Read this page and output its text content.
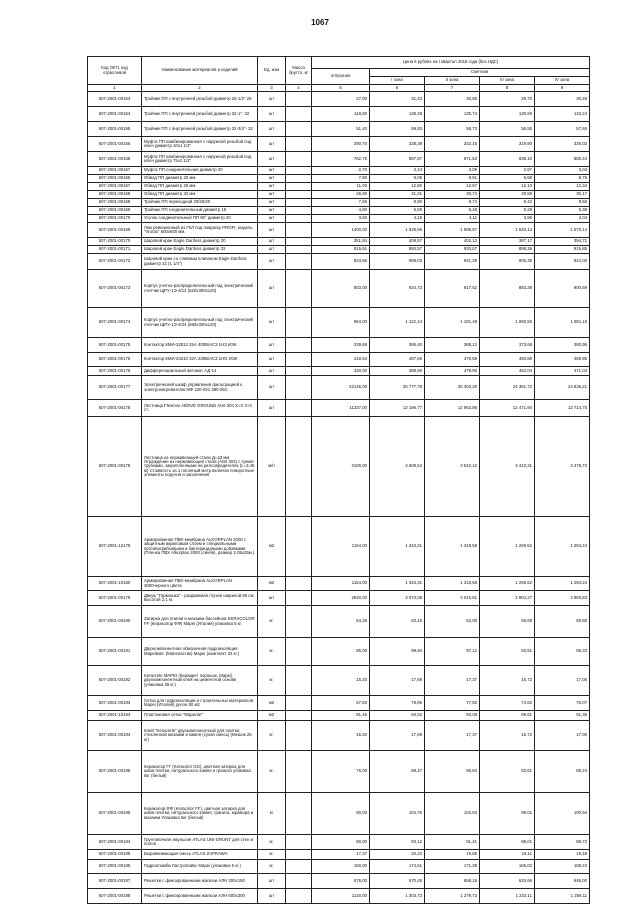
1067
Код ОКП, код отраслевой	Наименование материалов и изделий	Ед. изм	Масса брутто, кг	Цена в рублях на I квартал 2016 года (без НДС)				
				отпускная	Сметная			
					I зона	II зона	III зона	IV зона
1	2	3	4	5	6	7	8	9
507-2001-00163	Тройник ПП с внутренней резьбой диаметр 25-1/2" 25	шт		27,00	31,43	30,85	29,70	30,28
507-2001-00164	Тройник ПП с внутренней резьбой диаметр 32-1"- 32	шт		118,80	138,29	135,74	130,68	133,24
507-2001-00165	Тройник ПП с внутренней резьбой диаметр 32-3/4"- 32	шт		51,40	59,83	58,73	56,55	57,65
507-2001-00166	Муфта ПП комбинированная с наружной резьбой под ключ диаметр 10х1 1/2"	шт		290,70	338,39	332,16	319,80	326,03
507-2001-00168	Муфта ПП комбинированная с наружной резьбой под ключ диаметр 75х2 1/2"	шт		762,75	887,87	871,53	839,10	855,44
507-2001-00167	Муфта ПП соединительная диаметр 20	шт		2,70	3,14	3,09	2,97	3,03
507-2001-00166	Обвод ПП диаметр 20 мм	шт		7,80	9,08	8,91	8,58	8,75
507-2001-00167	Обвод ПП диаметр 25 мм	шт		11,00	12,80	12,57	12,10	12,34
507-2001-00168	Обвод ПП диаметр 32 мм	шт		26,90	31,31	30,74	29,59	30,17
507-2001-00168	Тройник ПП переходной 20/25/20	шт		7,65	8,90	8,74	8,42	8,58
507-2001-00169	Тройник ПП соединительный диаметр 15	шт		4,80	5,59	5,48	5,28	5,38
507-2001-00170	Уголок соединительный ПП 90° диаметр 20	шт		3,60	4,19	4,11	3,96	4,04
507-2001-00169	Люк ревизионный из ГКЛ под покраску PROFI, модель "Vrorax" 600х600 мм.	шт		1400,00	1 629,66	1 599,67	1 540,14	1 570,14
507-2001-00170	Шаровой кран Eagle Danfoss диаметр 20	шт		351,84	409,57	402,13	387,17	394,71
507-2001-00171	Шаровой кран Eagle Danfoss диаметр 32	шт		816,61	950,57	933,07	898,36	915,85
507-2001-00172	Шаровой кран со сливным клапаном Eagle Danfoss диаметр 32 (1 1/4")	шт		823,86	959,03	941,39	906,35	924,00
507-2001-00173	Корпус учетно-распределительный под электрический счетчик ЩРУ-1Э-3/14 (520х300х120)	шт		803,00	934,73	917,52	883,38	900,59
507-2001-00174	Корпус учетно-распределительный под электрический счетчик ЩРУ-1Э-3/24 (680х300х120)	шт		964,00	1 122,14	1 101,48	1 060,50	1 081,15
507-2001-00175	Контактор КМИ-22512 25А 400В/АС3 1НЗ ИЭК	шт		339,68	395,40	388,12	373,68	380,96
507-2001-00175	Контактор КМИ-23210 32А 230В/АС3 1НО ИЭК	шт		418,94	487,66	478,69	460,88	469,85
507-2001-00176	Дифференциальный автомат АД-14	шт		420,00	488,90	479,90	462,04	471,04
507-2001-00177	Электрический шкаф управления фильтрацией к электронагревателю МФ 220-021 380-05С	шт		22145,00	25 777,78	25 303,26	24 361,72	24 836,21
507-2001-00178	Лестница Flexinox ABOVE GROUND AISI-304 Х=Х 3+3 ст.	шт		11337,00	13 196,77	12 953,86	12 471,84	12 714,75
507-2001-00178	Лестница из нержавеющей стали Д=43 мм Ограждение из нержавеющей стали (AISI 304) с тремя трубками, закрепленными на рилсовредителях (L=3,45 м) Стоимость за 1 погонный метр включая поворотные элементы поручня и заполнения	м/п		3100,00	3 608,54	3 542,12	3 410,31	3 476,73
507-2001-12179	Армированная ПВХ-мембрана ALKORPLAN 2000 с защитным акриловым слоем и специальными противогрибковыми и бактерицидными добавками (Пленка ПВХ Alkorplan 2000 (синяя), размер 2.05х25м.)	м2		1154,00	1 343,31	1 318,58	1 269,52	1 294,24
507-2001-10180	Армированная ПВХ-мембрана ALKORPLAN 3000черного цвета	м2		1154,00	1 343,31	1 318,58	1 269,52	1 294,24
507-2001-00179	Дверь "Гармошка" - раздвижная глухая шириной 80 см, высотой 2,1 м.	шт		2640,00	3 073,08	3 016,51	2 904,27	2 960,83
507-2001-00180	Затирка для плитки и мозаики бассейнов KERACOLOR FF (Кераколор ФФ) Mapei (Италия) упаковка 5 кг.	кг.		54,26	63,16	62,00	59,69	60,85
507-2001-00181	Двухкомпонентная обмазочная гидроизоляция Mapelastic (Мапеластик) Mapei (комплект 32 кг.)	кг.		85,00	98,94	97,12	93,51	95,33
507-2001-00182	Keracrete MAPEI (Кераирет порошок, Мapei) двухкомпонентный клей на цементной основе (упаковка 25 кг.)	кг.		15,20	17,69	17,37	16,72	17,05
507-2001-00183	Сетка для гидроизоляции и строительных материалов Mapei (Италия) рулон 50 м2	м2		67,83	78,96	77,50	74,62	76,07
507-2001-10183	Пластиковая сетка "Марелат"	м2		81,46	94,82	93,08	89,61	91,36
507-2001-00184	Клей "Keracrete" двухкомпонентный для плитки, стеклянной мозаики и камня (сухая смесь) (Мешок 25 кг)	кг.		15,20	17,69	17,37	16,72	17,05
507-2001-00185	Кераколор ГГ (Keracolor GG), цветная затирка для швов плитки, натурального камня и гранита упаковка 5кг (белый)	кг.		76,00	88,47	86,84	83,61	85,24
507-2001-00186	Кераколор ФФ (Keracolor FF), цветная затирка для швов плитки, натурального камня, гранита, мрамора и мозаики Упаковка 5кг (белый)	кг		90,00	104,76	102,84	99,01	100,94
507-2001-00184	Грунтовочная эмульсия ATLAS UNI-GRUNT для стен и полов	кг.		80,00	93,12	91,41	88,01	89,72
507-2001-00185	Выравнивающая смесь ATLAS ZAPRAWA	кг.		17,37	20,22	19,85	19,11	19,48
507-2001-00186	Гидропломба Ластропайкс Mapei (упаковка 5 кг.)	кг.		150,00	174,61	171,39	165,02	168,23
507-2001-00187	Решетки с фиксированными жалюзи АЛН 300х150	шт		576,00	670,49	658,15	633,66	646,00
507-2001-00188	Решетки с фиксированными жалюзи АЛН 600х300	шт		1120,00	1 303,73	1 279,73	1 232,11	1 256,11
